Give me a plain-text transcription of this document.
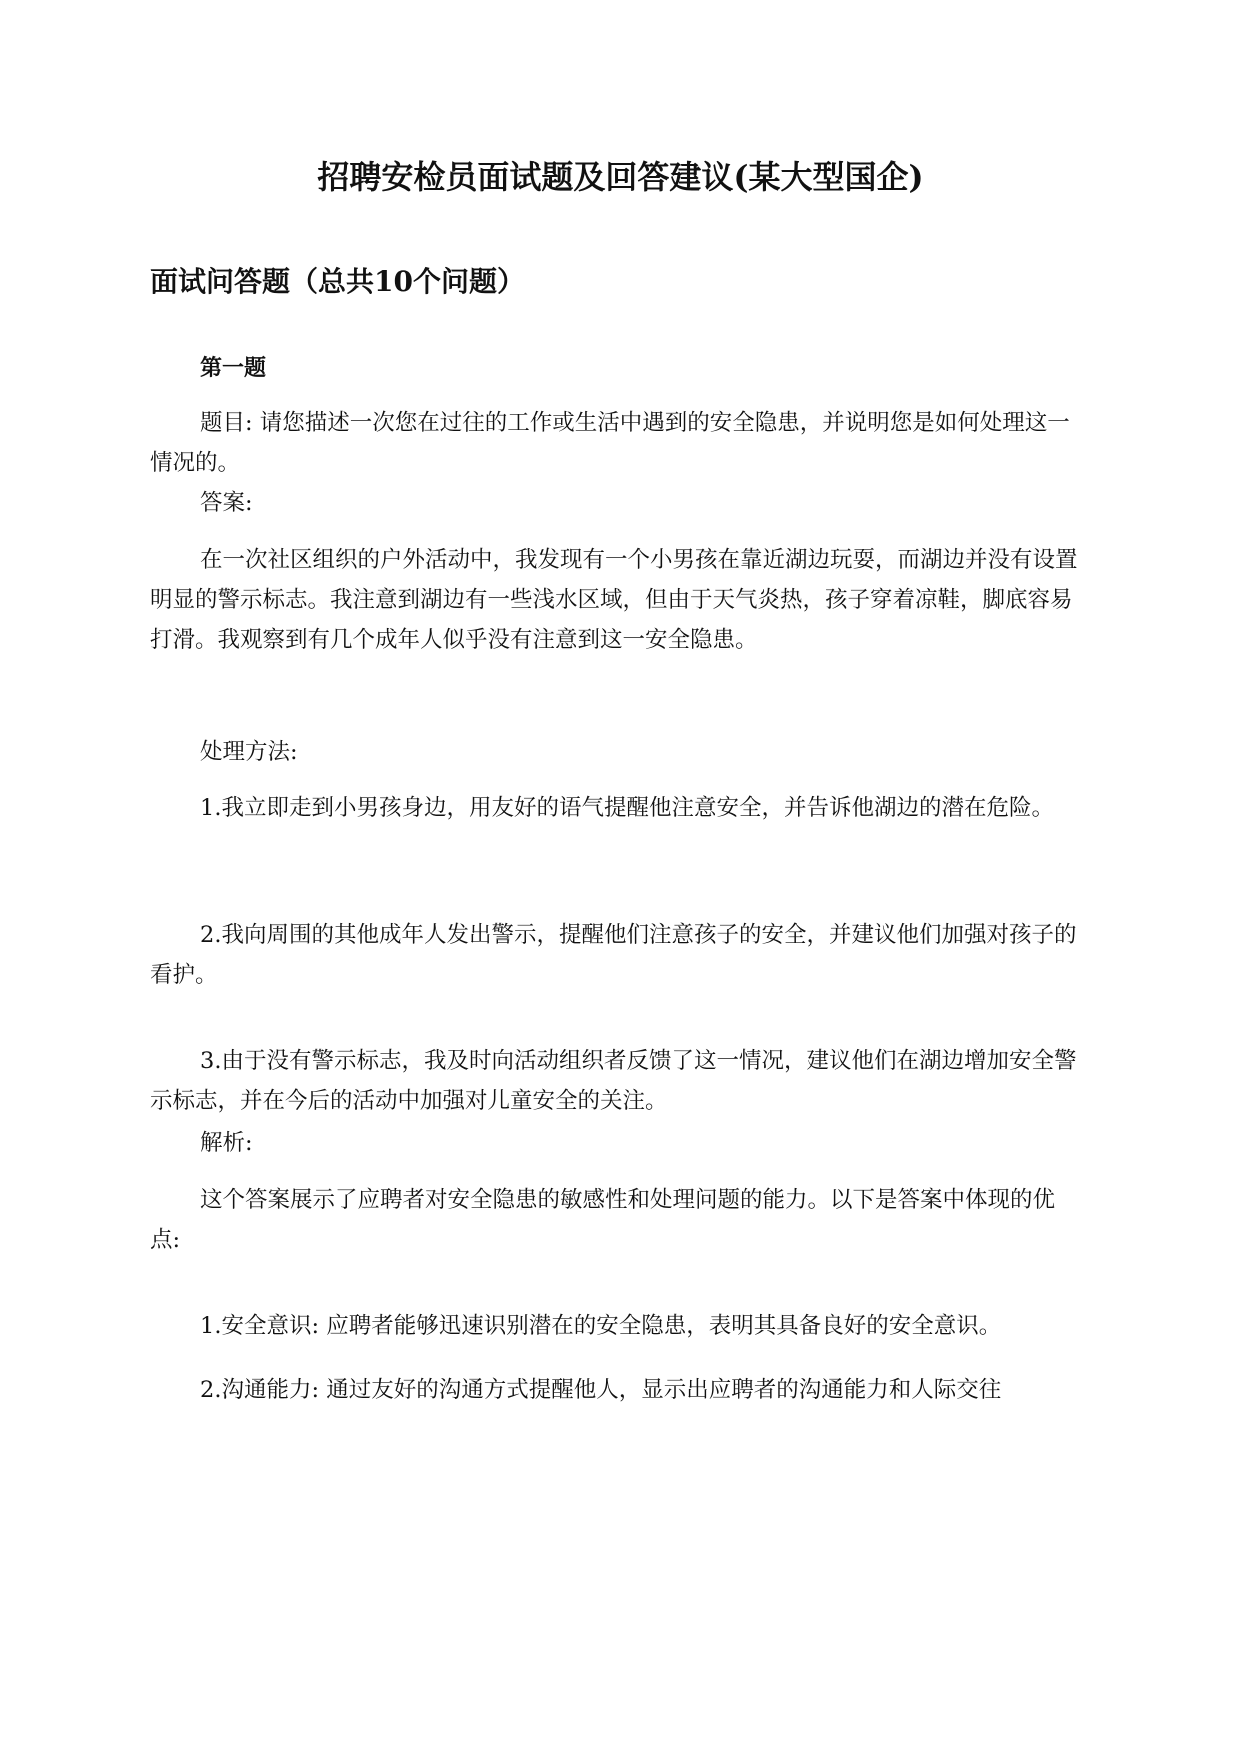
招聘安检员面试题及回答建议(某大型国企)
面试问答题（总共10个问题）
第一题

题目: 请您描述一次您在过往的工作或生活中遇到的安全隐患，并说明您是如何处理这一情况的。

答案:

在一次社区组织的户外活动中，我发现有一个小男孩在靠近湖边玩耍，而湖边并没有设置明显的警示标志。我注意到湖边有一些浅水区域，但由于天气炎热，孩子穿着凉鞋，脚底容易打滑。我观察到有几个成年人似乎没有注意到这一安全隐患。

处理方法:

1.我立即走到小男孩身边，用友好的语气提醒他注意安全，并告诉他湖边的潜在危险。

2.我向周围的其他成年人发出警示，提醒他们注意孩子的安全，并建议他们加强对孩子的看护。

3.由于没有警示标志，我及时向活动组织者反馈了这一情况，建议他们在湖边增加安全警示标志，并在今后的活动中加强对儿童安全的关注。

解析:

这个答案展示了应聘者对安全隐患的敏感性和处理问题的能力。以下是答案中体现的优点:

1.安全意识: 应聘者能够迅速识别潜在的安全隐患，表明其具备良好的安全意识。

2.沟通能力: 通过友好的沟通方式提醒他人，显示出应聘者的沟通能力和人际交往
